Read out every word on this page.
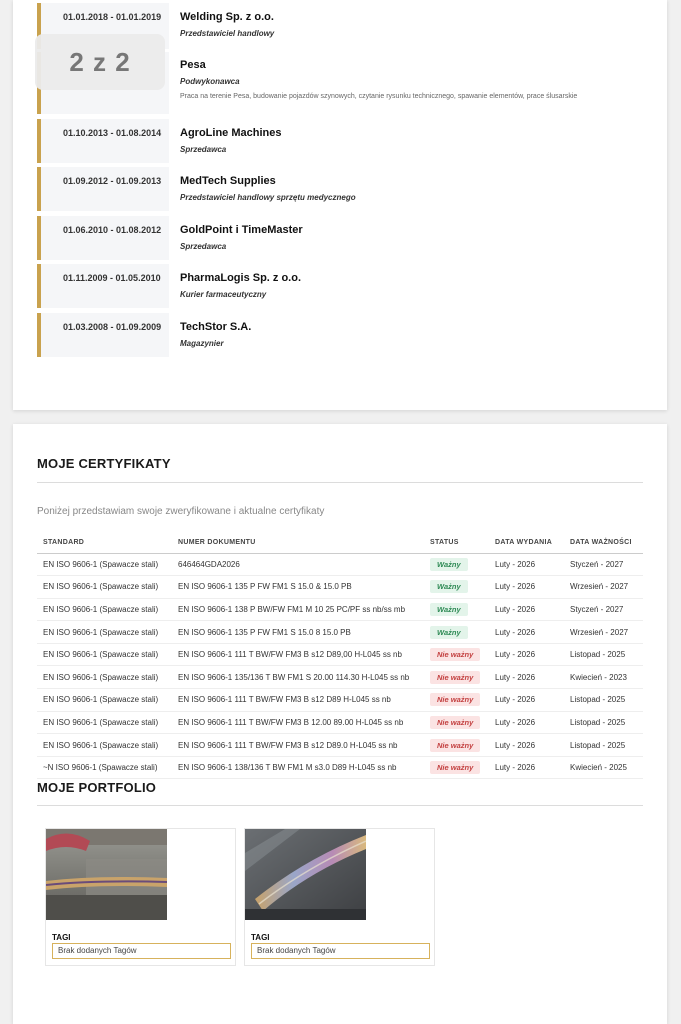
01.01.2018 - 01.01.2019	Welding Sp. z o.o.
Przedstawiciel handlowy
Pesa
Podwykonawca
Praca na terenie Pesa, budowanie pojazdów szynowych, czytanie rysunku technicznego, spawanie elementów, prace ślusarskie
01.10.2013 - 01.08.2014	AgroLine Machines
Sprzedawca
01.09.2012 - 01.09.2013	MedTech Supplies
Przedstawiciel handlowy sprzętu medycznego
01.06.2010 - 01.08.2012	GoldPoint i TimeMaster
Sprzedawca
01.11.2009 - 01.05.2010	PharmaLogis Sp. z o.o.
Kurier farmaceutyczny
01.03.2008 - 01.09.2009	TechStor S.A.
Magazynier
2 z 2
MOJE CERTYFIKATY
Poniżej przedstawiam swoje zweryfikowane i aktualne certyfikaty
STANDARD	NUMER DOKUMENTU	STATUS	DATA WYDANIA	DATA WAŻNOŚCI
EN ISO 9606-1 (Spawacze stali)	646464GDA2026	Ważny	Luty - 2026	Styczeń - 2027
EN ISO 9606-1 (Spawacze stali)	EN ISO 9606-1 135 P FW FM1 S 15.0 & 15.0 PB	Ważny	Luty - 2026	Wrzesień - 2027
EN ISO 9606-1 (Spawacze stali)	EN ISO 9606-1 138 P BW/FW FM1 M 10 25 PC/PF ss nb/ss mb	Ważny	Luty - 2026	Styczeń - 2027
EN ISO 9606-1 (Spawacze stali)	EN ISO 9606-1 135 P FW FM1 S 15.0 8 15.0 PB	Ważny	Luty - 2026	Wrzesień - 2027
EN ISO 9606-1 (Spawacze stali)	EN ISO 9606-1 111 T BW/FW FM3 B s12 D89,00 H-L045 ss nb	Nie ważny	Luty - 2026	Listopad - 2025
EN ISO 9606-1 (Spawacze stali)	EN ISO 9606-1 135/136 T BW FM1 S 20.00 114.30 H-L045 ss nb	Nie ważny	Luty - 2026	Kwiecień - 2023
EN ISO 9606-1 (Spawacze stali)	EN ISO 9606-1 111 T BW/FW FM3 B s12 D89 H-L045 ss nb	Nie ważny	Luty - 2026	Listopad - 2025
EN ISO 9606-1 (Spawacze stali)	EN ISO 9606-1 111 T BW/FW FM3 B 12.00 89.00 H-L045 ss nb	Nie ważny	Luty - 2026	Listopad - 2025
EN ISO 9606-1 (Spawacze stali)	EN ISO 9606-1 111 T BW/FW FM3 B s12 D89.0 H-L045 ss nb	Nie ważny	Luty - 2026	Listopad - 2025
~N ISO 9606-1 (Spawacze stali)	EN ISO 9606-1 138/136 T BW FM1 M s3.0 D89 H-L045 ss nb	Nie ważny	Luty - 2026	Kwiecień - 2025
MOJE PORTFOLIO
TAGI
Brak dodanych Tagów
TAGI
Brak dodanych Tagów
